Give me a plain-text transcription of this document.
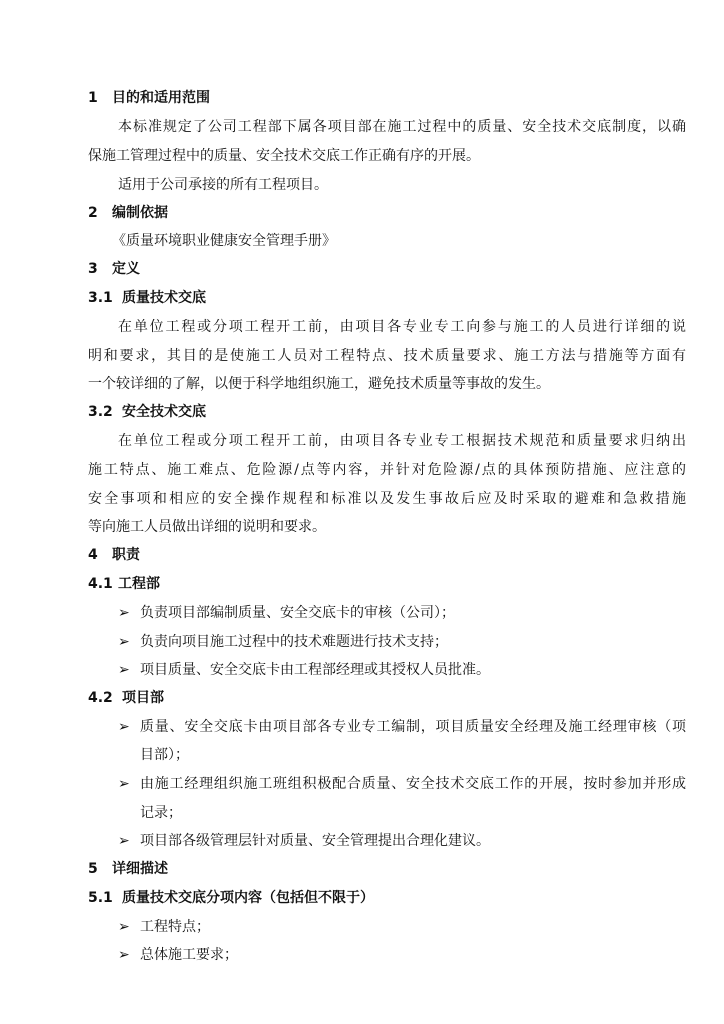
1 目的和适用范围
本标准规定了公司工程部下属各项目部在施工过程中的质量、安全技术交底制度，以确
保施工管理过程中的质量、安全技术交底工作正确有序的开展。
适用于公司承接的所有工程项目。
2 编制依据
《质量环境职业健康安全管理手册》
3 定义
3.1 质量技术交底
在单位工程或分项工程开工前，由项目各专业专工向参与施工的人员进行详细的说
明和要求，其目的是使施工人员对工程特点、技术质量要求、施工方法与措施等方面有
一个较详细的了解，以便于科学地组织施工，避免技术质量等事故的发生。
3.2 安全技术交底
在单位工程或分项工程开工前，由项目各专业专工根据技术规范和质量要求归纳出
施工特点、施工难点、危险源/点等内容，并针对危险源/点的具体预防措施、应注意的
安全事项和相应的安全操作规程和标准以及发生事故后应及时采取的避难和急救措施
等向施工人员做出详细的说明和要求。
4 职责
4.1 工程部
➢ 负责项目部编制质量、安全交底卡的审核（公司）；
➢ 负责向项目施工过程中的技术难题进行技术支持；
➢ 项目质量、安全交底卡由工程部经理或其授权人员批准。
4.2 项目部
➢ 质量、安全交底卡由项目部各专业专工编制，项目质量安全经理及施工经理审核（项
目部）；
➢ 由施工经理组织施工班组积极配合质量、安全技术交底工作的开展，按时参加并形成
记录；
➢ 项目部各级管理层针对质量、安全管理提出合理化建议。
5 详细描述
5.1 质量技术交底分项内容（包括但不限于）
➢ 工程特点；
➢ 总体施工要求；
